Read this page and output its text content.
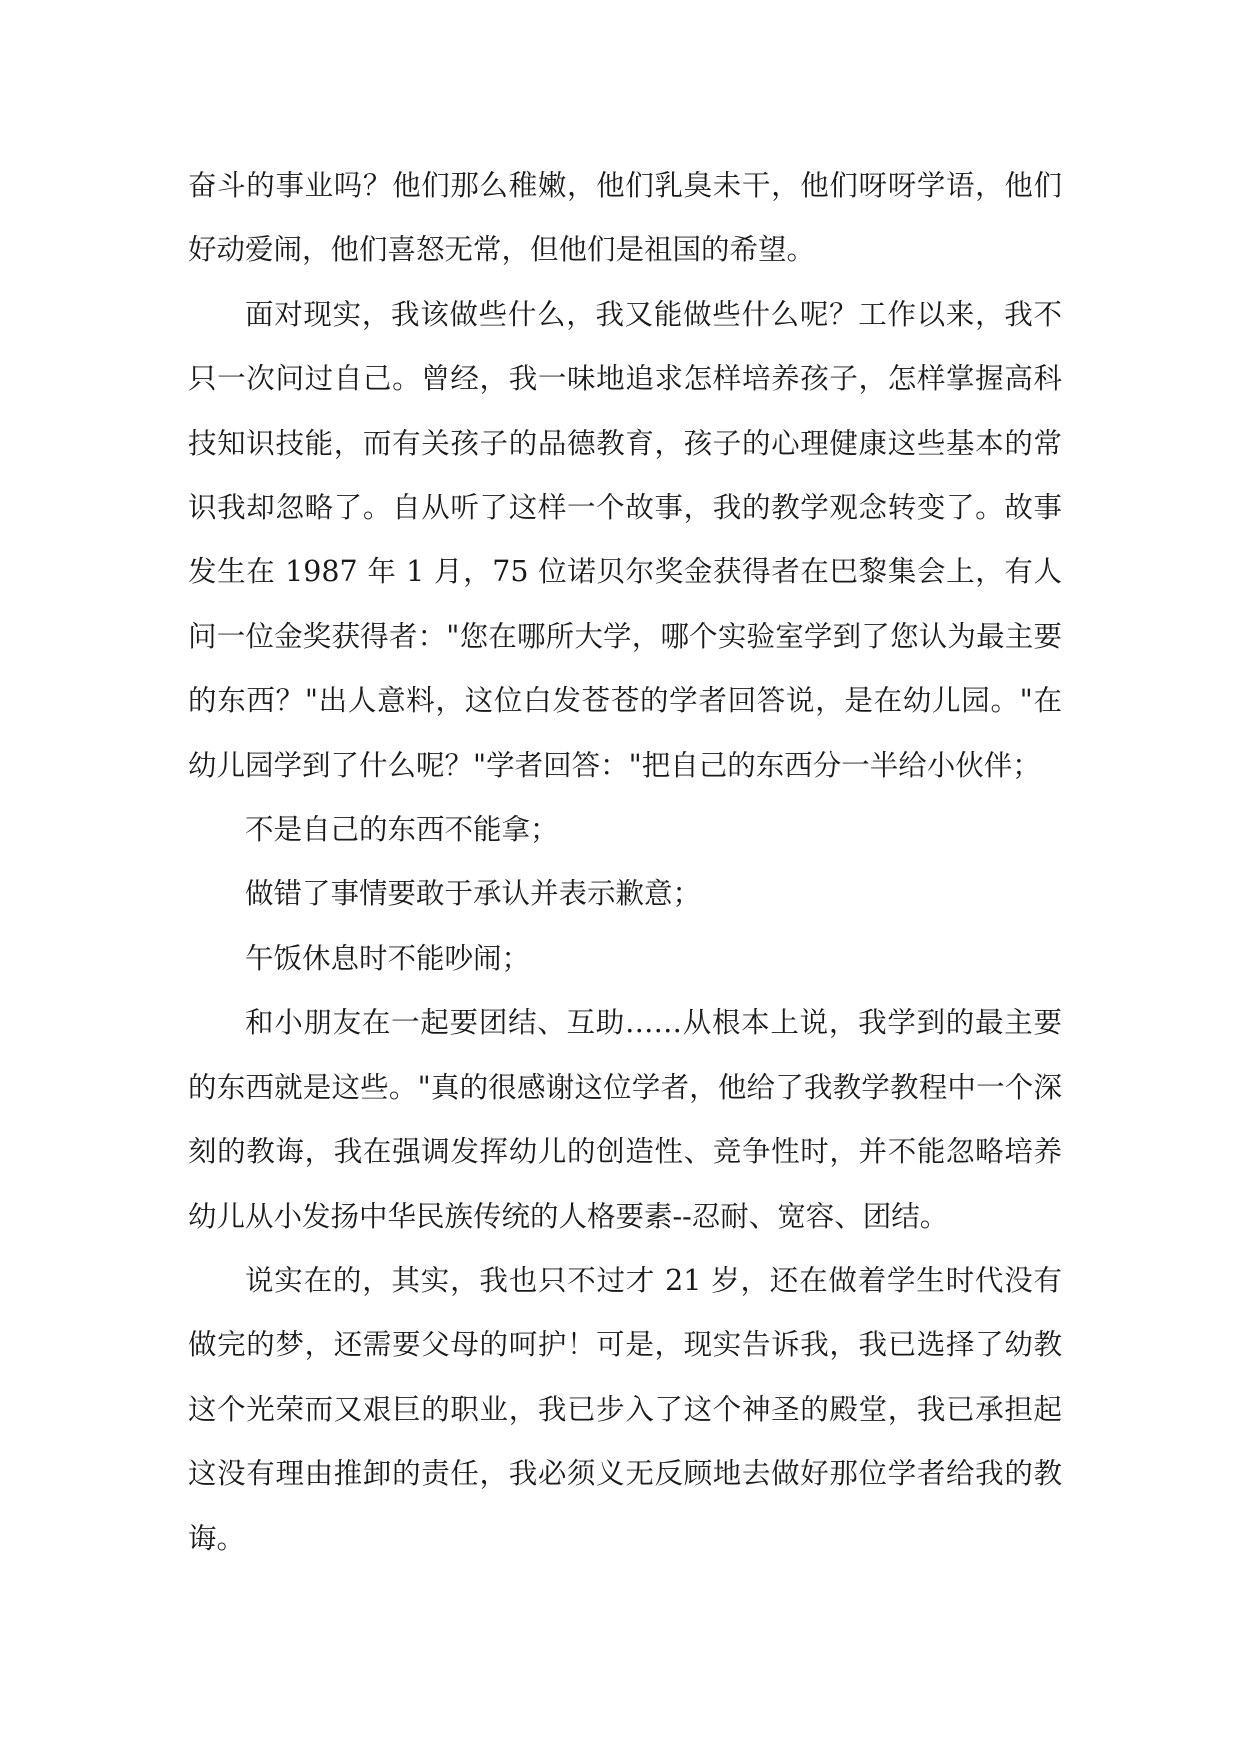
奋斗的事业吗？他们那么稚嫩，他们乳臭未干，他们呀呀学语，他们好动爱闹，他们喜怒无常，但他们是祖国的希望。

面对现实，我该做些什么，我又能做些什么呢？工作以来，我不只一次问过自己。曾经，我一味地追求怎样培养孩子，怎样掌握高科技知识技能，而有关孩子的品德教育，孩子的心理健康这些基本的常识我却忽略了。自从听了这样一个故事，我的教学观念转变了。故事发生在 1987 年 1 月，75 位诺贝尔奖金获得者在巴黎集会上，有人问一位金奖获得者："您在哪所大学，哪个实验室学到了您认为最主要的东西？"出人意料，这位白发苍苍的学者回答说，是在幼儿园。"在幼儿园学到了什么呢？"学者回答："把自己的东西分一半给小伙伴；

不是自己的东西不能拿；

做错了事情要敢于承认并表示歉意；

午饭休息时不能吵闹；

和小朋友在一起要团结、互助……从根本上说，我学到的最主要的东西就是这些。"真的很感谢这位学者，他给了我教学教程中一个深刻的教诲，我在强调发挥幼儿的创造性、竞争性时，并不能忽略培养幼儿从小发扬中华民族传统的人格要素--忍耐、宽容、团结。

说实在的，其实，我也只不过才 21 岁，还在做着学生时代没有做完的梦，还需要父母的呵护！可是，现实告诉我，我已选择了幼教这个光荣而又艰巨的职业，我已步入了这个神圣的殿堂，我已承担起这没有理由推卸的责任，我必须义无反顾地去做好那位学者给我的教诲。
